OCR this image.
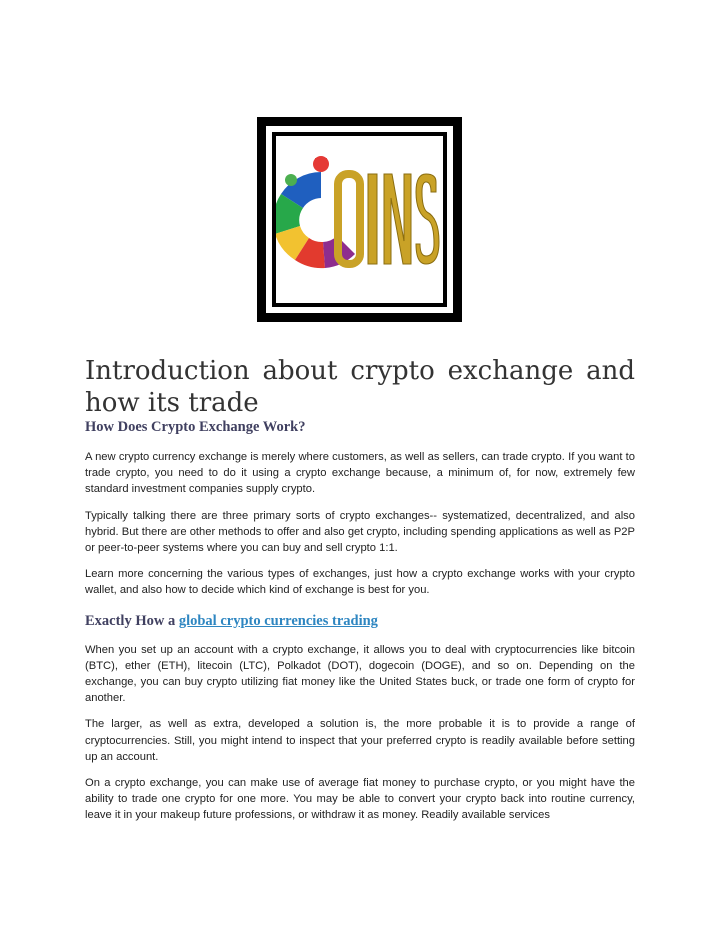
Introduction about crypto exchange and how its trade
How Does Crypto Exchange Work?

A new crypto currency exchange is merely where customers, as well as sellers, can trade crypto. If you want to trade crypto, you need to do it using a crypto exchange because, a minimum of, for now, extremely few standard investment companies supply crypto.

Typically talking there are three primary sorts of crypto exchanges-- systematized, decentralized, and also hybrid. But there are other methods to offer and also get crypto, including spending applications as well as P2P or peer-to-peer systems where you can buy and sell crypto 1:1.

Learn more concerning the various types of exchanges, just how a crypto exchange works with your crypto wallet, and also how to decide which kind of exchange is best for you.

Exactly How a global crypto currencies trading

When you set up an account with a crypto exchange, it allows you to deal with cryptocurrencies like bitcoin (BTC), ether (ETH), litecoin (LTC), Polkadot (DOT), dogecoin (DOGE), and so on. Depending on the exchange, you can buy crypto utilizing fiat money like the United States buck, or trade one form of crypto for another.

The larger, as well as extra, developed a solution is, the more probable it is to provide a range of cryptocurrencies. Still, you might intend to inspect that your preferred crypto is readily available before setting up an account.

On a crypto exchange, you can make use of average fiat money to purchase crypto, or you might have the ability to trade one crypto for one more. You may be able to convert your crypto back into routine currency, leave it in your makeup future professions, or withdraw it as money. Readily available services
